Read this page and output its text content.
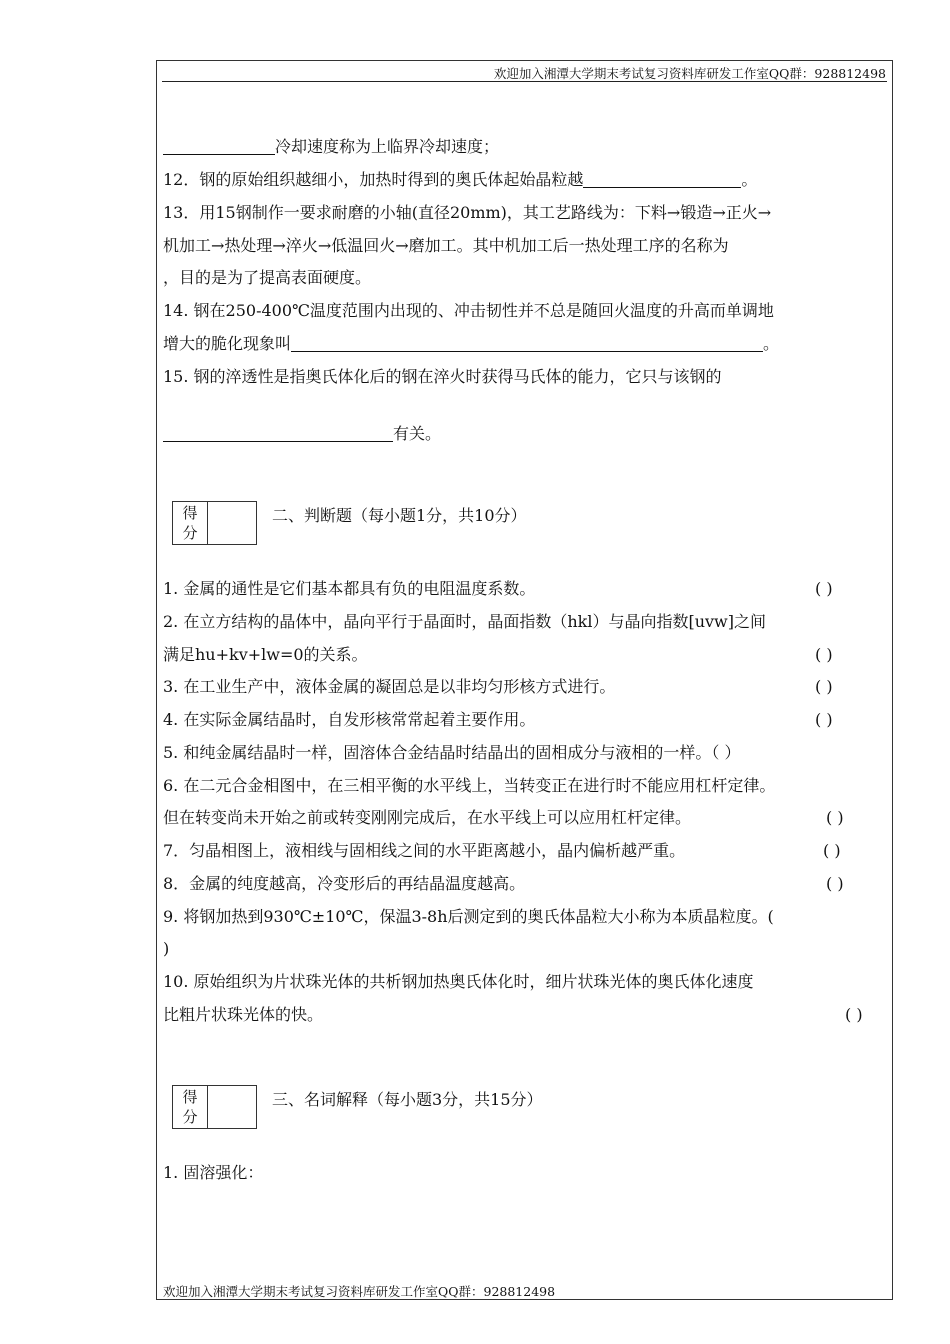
欢迎加入湘潭大学期末考试复习资料库研发工作室QQ群：928812498
冷却速度称为上临界冷却速度；
12．钢的原始组织越细小，加热时得到的奥氏体起始晶粒越	。
13．用15钢制作一要求耐磨的小轴(直径20mm)，其工艺路线为：下料→锻造→正火→
机加工→热处理→淬火→低温回火→磨加工。其中机加工后一热处理工序的名称为
，目的是为了提高表面硬度。
14. 钢在250-400℃温度范围内出现的、冲击韧性并不总是随回火温度的升高而单调地
增大的脆化现象叫	。
15. 钢的淬透性是指奥氏体化后的钢在淬火时获得马氏体的能力，它只与该钢的
有关。
得
分
二、判断题（每小题1分，共10分）
1. 金属的通性是它们基本都具有负的电阻温度系数。	( )
2. 在立方结构的晶体中，晶向平行于晶面时，晶面指数（hkl）与晶向指数[uvw]之间
满足hu+kv+lw=0的关系。	( )
3. 在工业生产中，液体金属的凝固总是以非均匀形核方式进行。	( )
4. 在实际金属结晶时，自发形核常常起着主要作用。	( )
5. 和纯金属结晶时一样，固溶体合金结晶时结晶出的固相成分与液相的一样。（ ）
6. 在二元合金相图中，在三相平衡的水平线上，当转变正在进行时不能应用杠杆定律。
但在转变尚未开始之前或转变刚刚完成后，在水平线上可以应用杠杆定律。	( )
7．匀晶相图上，液相线与固相线之间的水平距离越小，晶内偏析越严重。	( )
8．金属的纯度越高，冷变形后的再结晶温度越高。	( )
9. 将钢加热到930℃±10℃，保温3-8h后测定到的奥氏体晶粒大小称为本质晶粒度。(
)
10. 原始组织为片状珠光体的共析钢加热奥氏体化时，细片状珠光体的奥氏体化速度
比粗片状珠光体的快。	( )
得
分
三、名词解释（每小题3分，共15分）
1. 固溶强化：
欢迎加入湘潭大学期末考试复习资料库研发工作室QQ群：928812498
